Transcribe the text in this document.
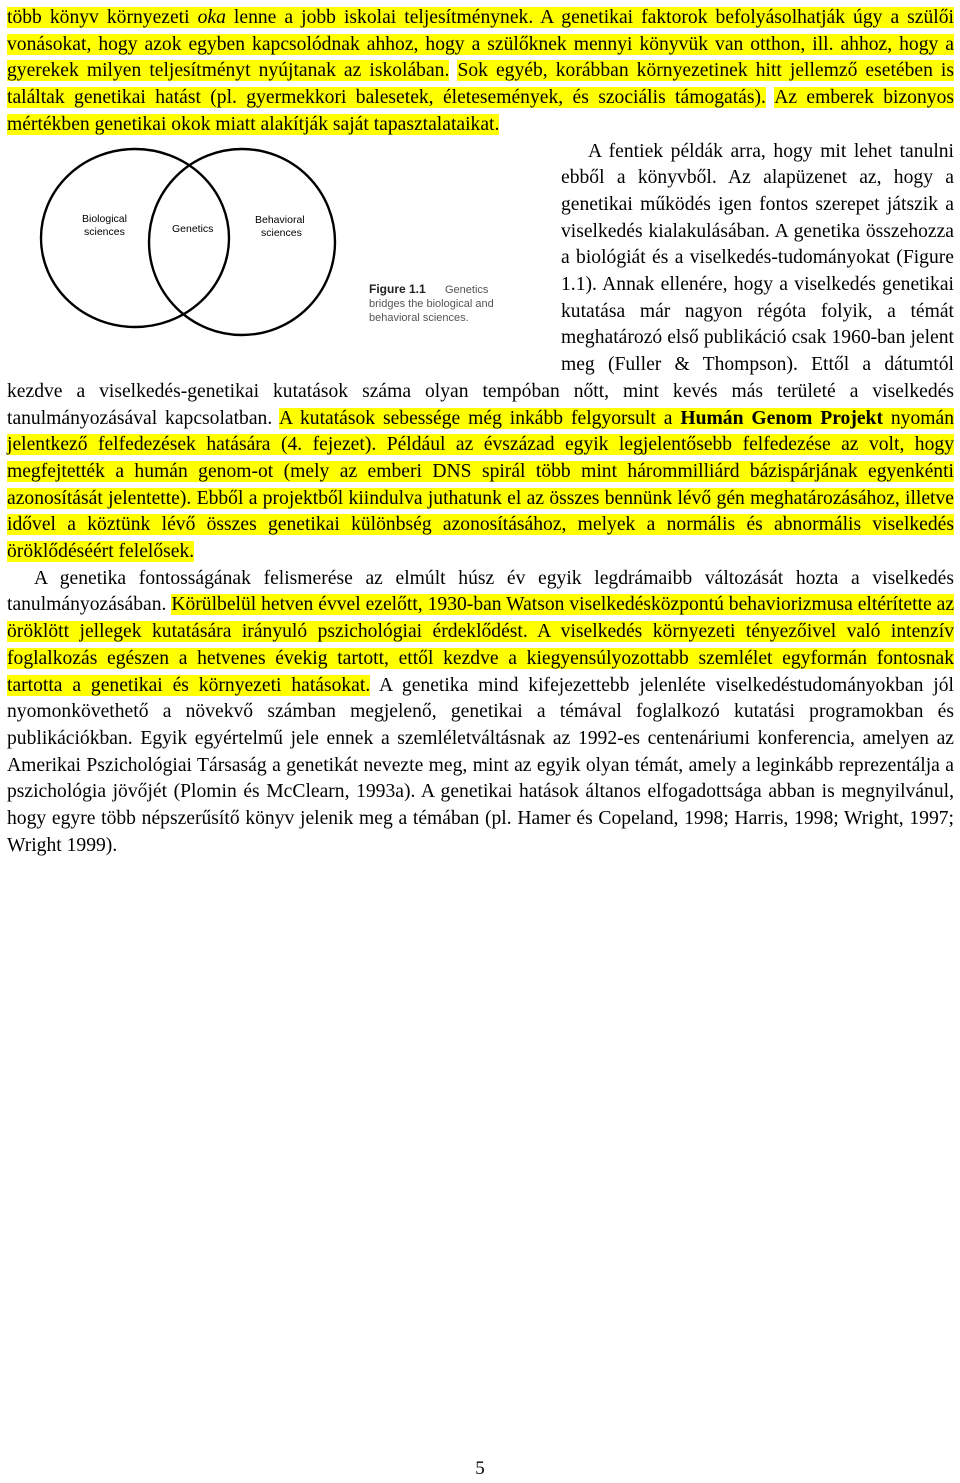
több könyv környezeti oka lenne a jobb iskolai teljesítménynek. A genetikai faktorok befolyásolhatják úgy a szülői vonásokat, hogy azok egyben kapcsolódnak ahhoz, hogy a szülőknek mennyi könyvük van otthon, ill. ahhoz, hogy a gyerekek milyen teljesítményt nyújtanak az iskolában. Sok egyéb, korábban környezetinek hitt jellemző esetében is találtak genetikai hatást (pl. gyermekkori balesetek, életesemények, és szociális támogatás). Az emberek bizonyos mértékben genetikai okok miatt alakítják saját tapasztalataikat.

Biological
sciences	Genetics
Behavioral
sciences
Figure 1.1 Genetics
bridges the biological and
behavioral sciences.
A fentiek példák arra, hogy mit lehet tanulni ebből a könyvből. Az alapüzenet az, hogy a genetikai működés igen fontos szerepet játszik a viselkedés kialakulásában. A genetika összehozza a biológiát és a viselkedés-tudományokat (Figure 1.1). Annak ellenére, hogy a viselkedés genetikai kutatása már nagyon régóta folyik, a témát meghatározó első publikáció csak 1960-ban jelent meg (Fuller & Thompson). Ettől a dátumtól kezdve a viselkedés-genetikai kutatások száma olyan tempóban nőtt, mint kevés más területé a viselkedés tanulmányozásával kapcsolatban. A kutatások sebessége még inkább felgyorsult a Humán Genom Projekt nyomán jelentkező felfedezések hatására (4. fejezet). Például az évszázad egyik legjelentősebb felfedezése az volt, hogy megfejtették a humán genom-ot (mely az emberi DNS spirál több mint hárommilliárd bázispárjának egyenkénti azonosítását jelentette). Ebből a projektből kiindulva juthatunk el az összes bennünk lévő gén meghatározásához, illetve idővel a köztünk lévő összes genetikai különbség azonosításához, melyek a normális és abnormális viselkedés öröklődéséért felelősek.

A genetika fontosságának felismerése az elmúlt húsz év egyik legdrámaibb változását hozta a viselkedés tanulmányozásában. Körülbelül hetven évvel ezelőtt, 1930-ban Watson viselkedésközpontú behaviorizmusa eltérítette az öröklött jellegek kutatására irányuló pszichológiai érdeklődést. A viselkedés környezeti tényezőivel való intenzív foglalkozás egészen a hetvenes évekig tartott, ettől kezdve a kiegyensúlyozottabb szemlélet egyformán fontosnak tartotta a genetikai és környezeti hatásokat. A genetika mind kifejezettebb jelenléte viselkedéstudományokban jól nyomonkövethető a növekvő számban megjelenő, genetikai a témával foglalkozó kutatási programokban és publikációkban. Egyik egyértelmű jele ennek a szemléletváltásnak az 1992-es centenáriumi konferencia, amelyen az Amerikai Pszichológiai Társaság a genetikát nevezte meg, mint az egyik olyan témát, amely a leginkább reprezentálja a pszichológia jövőjét (Plomin és McClearn, 1993a). A genetikai hatások áltanos elfogadottsága abban is megnyilvánul, hogy egyre több népszerűsítő könyv jelenik meg a témában (pl. Hamer és Copeland, 1998; Harris, 1998; Wright, 1997; Wright 1999).

5
